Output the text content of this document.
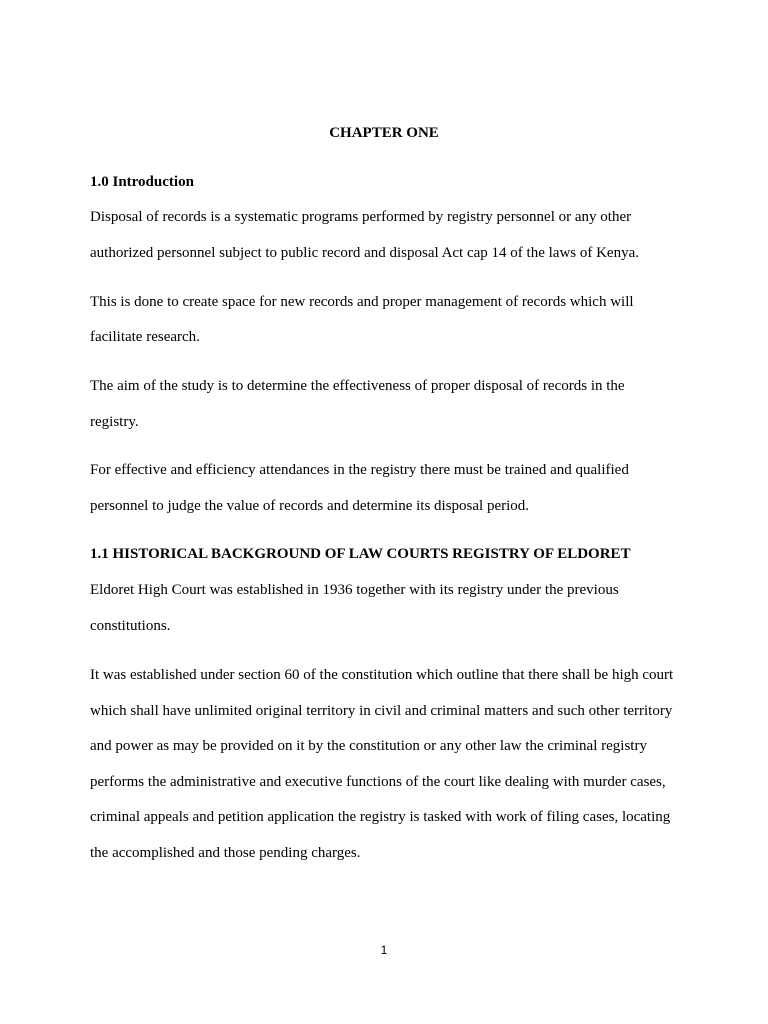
CHAPTER ONE
1.0 Introduction
Disposal of records is a systematic programs performed by registry personnel or any other
authorized personnel subject to public record and disposal Act cap 14 of the laws of Kenya.
This is done to create space for new records and proper management of records which will
facilitate research.
The aim of the study is to determine the effectiveness of proper disposal of records in the
registry.
For effective and efficiency attendances in the registry there must be trained and qualified
personnel to judge the value of records and determine its disposal period.
1.1 HISTORICAL BACKGROUND OF LAW COURTS REGISTRY OF ELDORET
Eldoret High Court was established in 1936 together with its registry under the previous
constitutions.
It was established under section 60 of the constitution which outline that there shall be high court
which shall have unlimited original territory in civil and criminal matters and such other territory
and power as may be provided on it by the constitution or any other law the criminal registry
performs the administrative and executive functions of the court like dealing with murder cases,
criminal appeals and petition application the registry is tasked with work of filing cases, locating
the accomplished and those pending charges.
1
